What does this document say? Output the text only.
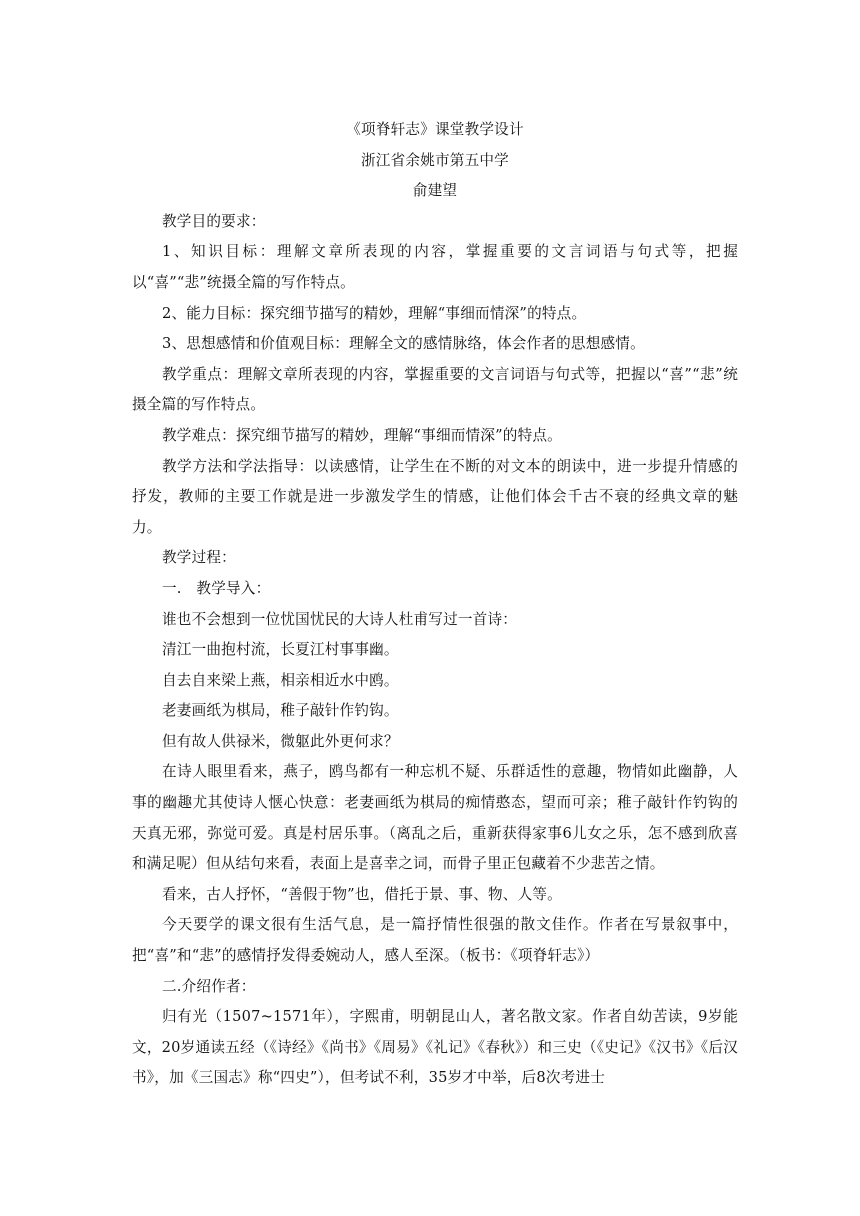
《项脊轩志》课堂教学设计
浙江省余姚市第五中学
俞建望

教学目的要求：

1、知识目标：理解文章所表现的内容，掌握重要的文言词语与句式等，把握以“喜”“悲”统摄全篇的写作特点。

2、能力目标：探究细节描写的精妙，理解“事细而情深”的特点。

3、思想感情和价值观目标：理解全文的感情脉络，体会作者的思想感情。

教学重点：理解文章所表现的内容，掌握重要的文言词语与句式等，把握以“喜”“悲”统摄全篇的写作特点。

教学难点：探究细节描写的精妙，理解“事细而情深”的特点。

教学方法和学法指导：以读感情，让学生在不断的对文本的朗读中，进一步提升情感的抒发，教师的主要工作就是进一步激发学生的情感，让他们体会千古不衰的经典文章的魅力。

教学过程：

一.　教学导入：

谁也不会想到一位忧国忧民的大诗人杜甫写过一首诗：

清江一曲抱村流，长夏江村事事幽。

自去自来梁上燕，相亲相近水中鸥。

老妻画纸为棋局，稚子敲针作钓钩。

但有故人供禄米，微躯此外更何求？

在诗人眼里看来，燕子，鸥鸟都有一种忘机不疑、乐群适性的意趣，物情如此幽静，人事的幽趣尤其使诗人惬心快意：老妻画纸为棋局的痴情憨态，望而可亲；稚子敲针作钓钩的天真无邪，弥觉可爱。真是村居乐事。（离乱之后，重新获得家事6儿女之乐，怎不感到欣喜和满足呢）但从结句来看，表面上是喜幸之词，而骨子里正包藏着不少悲苦之情。

看来，古人抒怀，“善假于物”也，借托于景、事、物、人等。

今天要学的课文很有生活气息，是一篇抒情性很强的散文佳作。作者在写景叙事中，把“喜”和“悲”的感情抒发得委婉动人，感人至深。（板书：《项脊轩志》）

二.介绍作者：

归有光（1507~1571年），字熙甫，明朝昆山人，著名散文家。作者自幼苦读，9岁能文，20岁通读五经（《诗经》《尚书》《周易》《礼记》《春秋》）和三史（《史记》《汉书》《后汉书》，加《三国志》称“四史”），但考试不利，35岁才中举，后8次考进士
